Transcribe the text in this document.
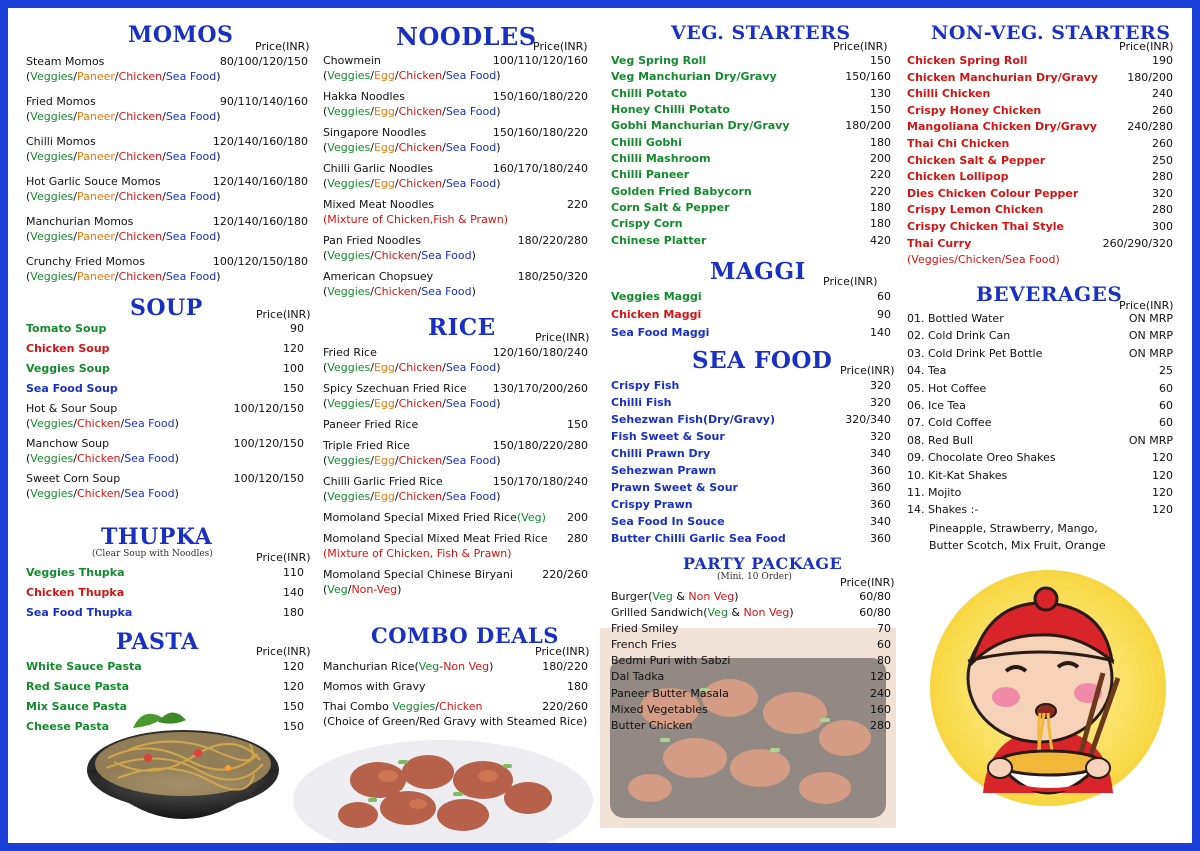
MOMOS Price(INR)
Steam Momos	80/100/120/150
(Veggies/Paneer/Chicken/Sea Food)
Fried Momos	90/110/140/160
(Veggies/Paneer/Chicken/Sea Food)
Chilli Momos	120/140/160/180
(Veggies/Paneer/Chicken/Sea Food)
Hot Garlic Souce Momos	120/140/160/180
(Veggies/Paneer/Chicken/Sea Food)
Manchurian Momos	120/140/160/180
(Veggies/Paneer/Chicken/Sea Food)
Crunchy Fried Momos	100/120/150/180
(Veggies/Paneer/Chicken/Sea Food)
SOUP	Price(INR)
Tomato Soup	90
Chicken Soup	120
Veggies Soup	100
Sea Food Soup	150
Hot & Sour Soup	100/120/150
(Veggies/Chicken/Sea Food)
Manchow Soup	100/120/150
(Veggies/Chicken/Sea Food)
Sweet Corn Soup	100/120/150
(Veggies/Chicken/Sea Food)
THUPKA
(Clear Soup with Noodles)	Price(INR)
Veggies Thupka	110
Chicken Thupka	140
Sea Food Thupka	180
PASTA	Price(INR)
White Sauce Pasta	120
Red Sauce Pasta	120
Mix Sauce Pasta	150
Cheese Pasta	150
NOODLES
Price(INR)
Chowmein	100/110/120/160
(Veggies/Egg/Chicken/Sea Food)
Hakka Noodles	150/160/180/220
(Veggies/Egg/Chicken/Sea Food)
Singapore Noodles	150/160/180/220
(Veggies/Egg/Chicken/Sea Food)
Chilli Garlic Noodles	160/170/180/240
(Veggies/Egg/Chicken/Sea Food)
Mixed Meat Noodles	220
(Mixture of Chicken,Fish & Prawn)
Pan Fried Noodles	180/220/280
(Veggies/Chicken/Sea Food)
American Chopsuey	180/250/320
(Veggies/Chicken/Sea Food)
RICE	Price(INR)
Fried Rice	120/160/180/240
(Veggies/Egg/Chicken/Sea Food)
Spicy Szechuan Fried Rice 130/170/200/260
(Veggies/Egg/Chicken/Sea Food)
Paneer Fried Rice	150
Triple Fried Rice	150/180/220/280
(Veggies/Egg/Chicken/Sea Food)
Chilli Garlic Fried Rice	150/170/180/240
(Veggies/Egg/Chicken/Sea Food)
Momoland Special Mixed Fried Rice(Veg) 200
Momoland Special Mixed Meat Fried Rice 280
(Mixture of Chicken, Fish & Prawn)
Momoland Special Chinese Biryani	220/260
(Veg/Non-Veg)
COMBO DEALS
Price(INR)
Manchurian Rice(Veg-Non Veg)	180/220
Momos with Gravy	180
Thai Combo Veggies/Chicken	220/260
(Choice of Green/Red Gravy with Steamed Rice)
VEG. STARTERS
Price(INR)
Veg Spring Roll	150
Veg Manchurian Dry/Gravy	150/160
Chilli Potato	130
Honey Chilli Potato	150
Gobhi Manchurian Dry/Gravy	180/200
Chilli Gobhi	180
Chilli Mashroom	200
Chilli Paneer	220
Golden Fried Babycorn	220
Corn Salt & Pepper	180
Crispy Corn	180
Chinese Platter	420
MAGGI Price(INR)
Veggies Maggi	60
Chicken Maggi	90
Sea Food Maggi	140
SEA FOOD Price(INR)
Crispy Fish	320
Chilli Fish	320
Sehezwan Fish(Dry/Gravy)	320/340
Fish Sweet & Sour	320
Chilli Prawn Dry	340
Sehezwan Prawn	360
Prawn Sweet & Sour	360
Crispy Prawn	360
Sea Food In Souce	340
Butter Chilli Garlic Sea Food	360
PARTY PACKAGE
(Mini. 10 Order)	Price(INR)
Burger(Veg & Non Veg)	60/80
Grilled Sandwich(Veg & Non Veg)	60/80
Fried Smiley	70
French Fries	60
Bedmi Puri with Sabzi	80
Dal Tadka	120
Paneer Butter Masala	240
Mixed Vegetables	160
Butter Chicken	280
NON-VEG. STARTERS
Price(INR)
Chicken Spring Roll	190
Chicken Manchurian Dry/Gravy	180/200
Chilli Chicken	240
Crispy Honey Chicken	260
Mangoliana Chicken Dry/Gravy	240/280
Thai Chi Chicken	260
Chicken Salt & Pepper	250
Chicken Lollipop	280
Dies Chicken Colour Pepper	320
Crispy Lemon Chicken	280
Crispy Chicken Thai Style	300
Thai Curry	260/290/320
(Veggies/Chicken/Sea Food)
BEVERAGES
Price(INR)
01. Bottled Water	ON MRP
02. Cold Drink Can	ON MRP
03. Cold Drink Pet Bottle	ON MRP
04. Tea	25
05. Hot Coffee	60
06. Ice Tea	60
07. Cold Coffee	60
08. Red Bull	ON MRP
09. Chocolate Oreo Shakes	120
10. Kit-Kat Shakes	120
11. Mojito	120
14. Shakes :-	120
Pineapple, Strawberry, Mango,
Butter Scotch, Mix Fruit, Orange
